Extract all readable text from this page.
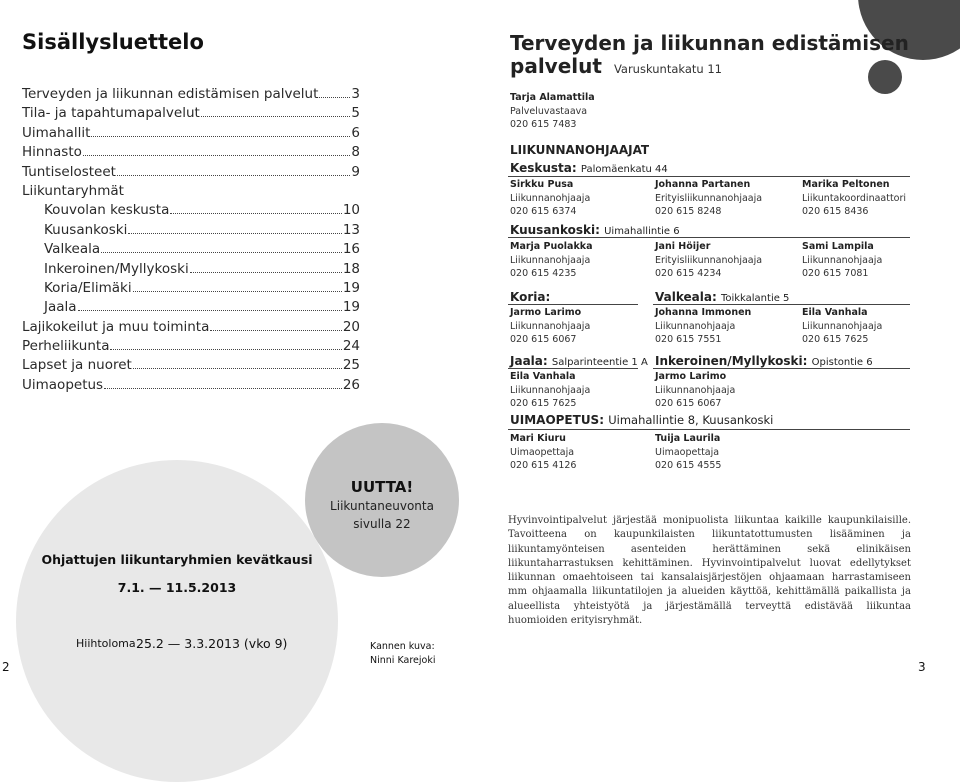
Sisällysluettelo
Terveyden ja liikunnan edistämisen palvelut 3
Tila- ja tapahtumapalvelut	5
Uimahallit	6
Hinnasto	8
Tuntiselosteet	9
Liikuntaryhmät
Kouvolan keskusta	10
Kuusankoski	13
Valkeala	16
Inkeroinen/Myllykoski	18
Koria/Elimäki	19
Jaala	19
Lajikokeilut ja muu toiminta	20
Perheliikunta	24
Lapset ja nuoret	25
Uimaopetus	26
UUTTA!
Liikuntaneuvonta
sivulla 22
Ohjattujen liikuntaryhmien kevätkausi
7.1. — 11.5.2013
Hiihtoloma 25.2 — 3.3.2013 (vko 9)	Kannen kuva:
Ninni Karejoki
2	3
Terveyden ja liikunnan edistämisen
palvelut Varuskuntakatu 11
Tarja Alamattila
Palveluvastaava
020 615 7483
LIIKUNNANOHJAAJAT
Keskusta: Palomäenkatu 44
Sirkku Pusa
Liikunnanohjaaja
020 615 6374
Johanna Partanen
Erityisliikunnanohjaaja
020 615 8248
Marika Peltonen
Liikuntakoordinaattori
020 615 8436
Kuusankoski: Uimahallintie 6
Marja Puolakka
Liikunnanohjaaja
020 615 4235
Jani Höijer
Erityisliikunnanohjaaja
020 615 4234
Sami Lampila
Liikunnanohjaaja
020 615 7081
Koria:
Jarmo Larimo
Liikunnanohjaaja
020 615 6067
Valkeala: Toikkalantie 5
Johanna Immonen
Liikunnanohjaaja
020 615 7551
Eila Vanhala
Liikunnanohjaaja
020 615 7625
Jaala: Salparinteentie 1 A
Eila Vanhala
Liikunnanohjaaja
020 615 7625
Inkeroinen/Myllykoski: Opistontie 6
Jarmo Larimo
Liikunnanohjaaja
020 615 6067
UIMAOPETUS: Uimahallintie 8, Kuusankoski
Mari Kiuru
Uimaopettaja
020 615 4126
Tuija Laurila
Uimaopettaja
020 615 4555
Hyvinvointipalvelut järjestää monipuolista liikuntaa kaikille kaupunkilaisille. Tavoitteena on kaupunkilaisten liikuntatottumusten lisääminen ja liikuntamyönteisen asenteiden herättäminen sekä elinikäisen liikuntaharrastuksen kehittäminen. Hyvinvointipalvelut luovat edellytykset liikunnan omaehtoiseen tai kansalaisjärjestöjen ohjaamaan harrastamiseen mm ohjaamalla liikuntatilojen ja alueiden käyttöä, kehittämällä paikallista ja alueellista yhteistyötä ja järjestämällä terveyttä edistävää liikuntaa huomioiden erityisryhmät.
